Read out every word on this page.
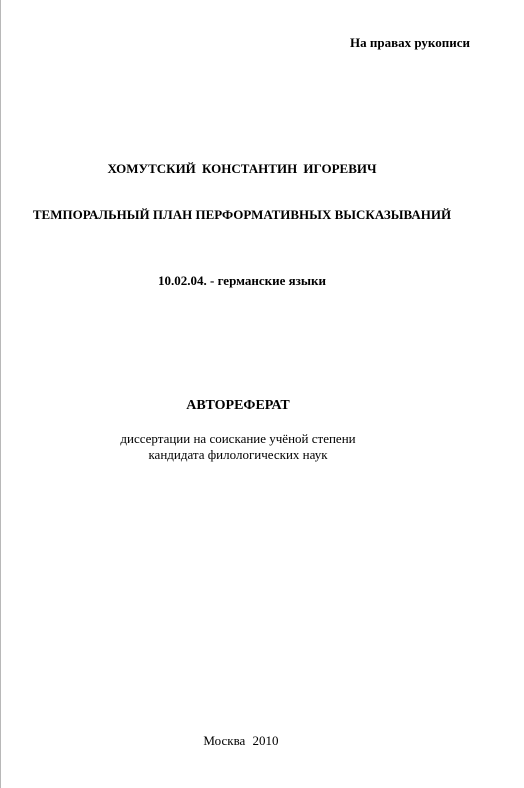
На правах рукописи
ХОМУТСКИЙ КОНСТАНТИН ИГОРЕВИЧ
ТЕМПОРАЛЬНЫЙ ПЛАН ПЕРФОРМАТИВНЫХ ВЫСКАЗЫВАНИЙ
10.02.04. - германские языки
АВТОРЕФЕРАТ
диссертации на соискание учёной степени
кандидата филологических наук
Москва 2010
